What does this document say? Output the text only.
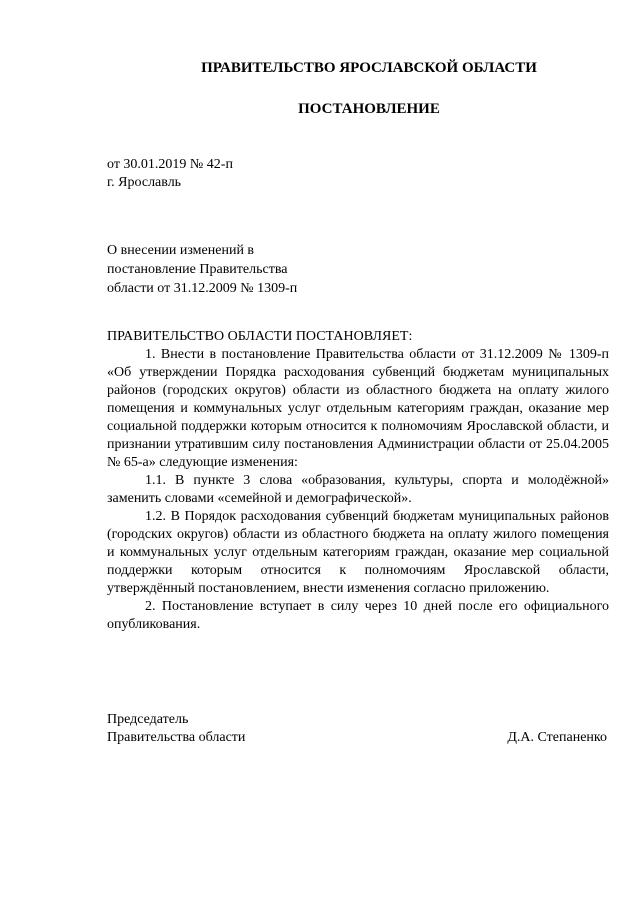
ПРАВИТЕЛЬСТВО ЯРОСЛАВСКОЙ ОБЛАСТИ
ПОСТАНОВЛЕНИЕ
от 30.01.2019 № 42-п
г. Ярославль
О внесении изменений в
постановление Правительства
области от 31.12.2009 № 1309-п

ПРАВИТЕЛЬСТВО ОБЛАСТИ ПОСТАНОВЛЯЕТ:

1. Внести в постановление Правительства области от 31.12.2009 № 1309-п «Об утверждении Порядка расходования субвенций бюджетам муниципальных районов (городских округов) области из областного бюджета на оплату жилого помещения и коммунальных услуг отдельным категориям граждан, оказание мер социальной поддержки которым относится к полномочиям Ярославской области, и признании утратившим силу постановления Администрации области от 25.04.2005 № 65-а» следующие изменения:

1.1. В пункте 3 слова «образования, культуры, спорта и молодёжной» заменить словами «семейной и демографической».

1.2. В Порядок расходования субвенций бюджетам муниципальных районов (городских округов) области из областного бюджета на оплату жилого помещения и коммунальных услуг отдельным категориям граждан, оказание мер социальной поддержки которым относится к полномочиям Ярославской области, утверждённый постановлением, внести изменения согласно приложению.

2. Постановление вступает в силу через 10 дней после его официального опубликования.

Председатель
Правительства области	Д.А. Степаненко
